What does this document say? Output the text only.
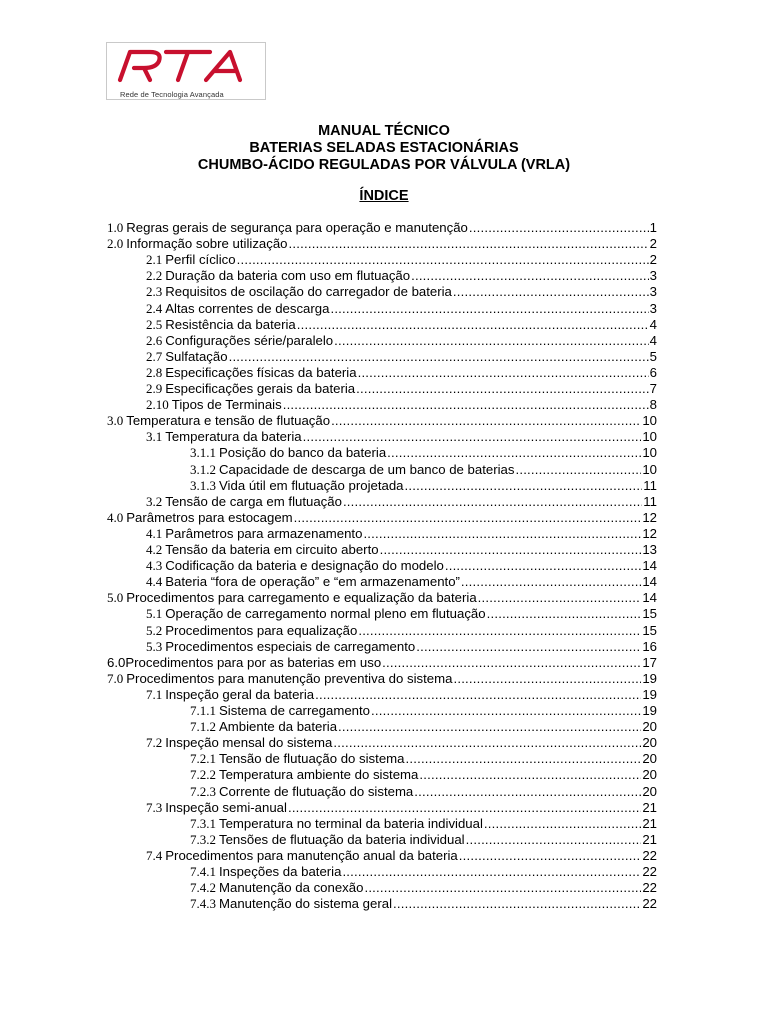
Rede de Tecnologia Avançada
MANUAL TÉCNICO
BATERIAS SELADAS ESTACIONÁRIAS
CHUMBO-ÁCIDO REGULADAS POR VÁLVULA (VRLA)
ÍNDICE
1.0 Regras gerais de segurança para operação e manutenção .....	1
2.0 Informação sobre utilização .....	2
2.1 Perfil cíclico .....	2
2.2 Duração da bateria com uso em flutuação .....	3
2.3 Requisitos de oscilação do carregador de bateria .....	3
2.4 Altas correntes de descarga .....	3
2.5 Resistência da bateria .....	4
2.6 Configurações série/paralelo .....	4
2.7 Sulfatação .....	5
2.8 Especificações físicas da bateria .....	6
2.9 Especificações gerais da bateria .....	7
2.10 Tipos de Terminais .....	8
3.0 Temperatura e tensão de flutuação .....	10
3.1 Temperatura da bateria .....	10
3.1.1 Posição do banco da bateria .....	10
3.1.2 Capacidade de descarga de um banco de baterias .....	10
3.1.3 Vida útil em flutuação projetada .....	11
3.2 Tensão de carga em flutuação .....	11
4.0 Parâmetros para estocagem .....	12
4.1 Parâmetros para armazenamento .....	12
4.2 Tensão da bateria em circuito aberto .....	13
4.3 Codificação da bateria e designação do modelo .....	14
4.4 Bateria “fora de operação” e “em armazenamento” .....	14
5.0 Procedimentos para carregamento e equalização da bateria .....	14
5.1 Operação de carregamento normal pleno em flutuação .....	15
5.2 Procedimentos para equalização .....	15
5.3 Procedimentos especiais de carregamento .....	16
6.0Procedimentos para por as baterias em uso .....	17
7.0 Procedimentos para manutenção preventiva do sistema .....	19
7.1 Inspeção geral da bateria .....	19
7.1.1 Sistema de carregamento .....	19
7.1.2 Ambiente da bateria .....	20
7.2 Inspeção mensal do sistema .....	20
7.2.1 Tensão de flutuação do sistema .....	20
7.2.2 Temperatura ambiente do sistema .....	20
7.2.3 Corrente de flutuação do sistema .....	20
7.3 Inspeção semi-anual .....	21
7.3.1 Temperatura no terminal da bateria individual .....	21
7.3.2 Tensões de flutuação da bateria individual .....	21
7.4 Procedimentos para manutenção anual da bateria .....	22
7.4.1 Inspeções da bateria .....	22
7.4.2 Manutenção da conexão .....	22
7.4.3 Manutenção do sistema geral .....	22
